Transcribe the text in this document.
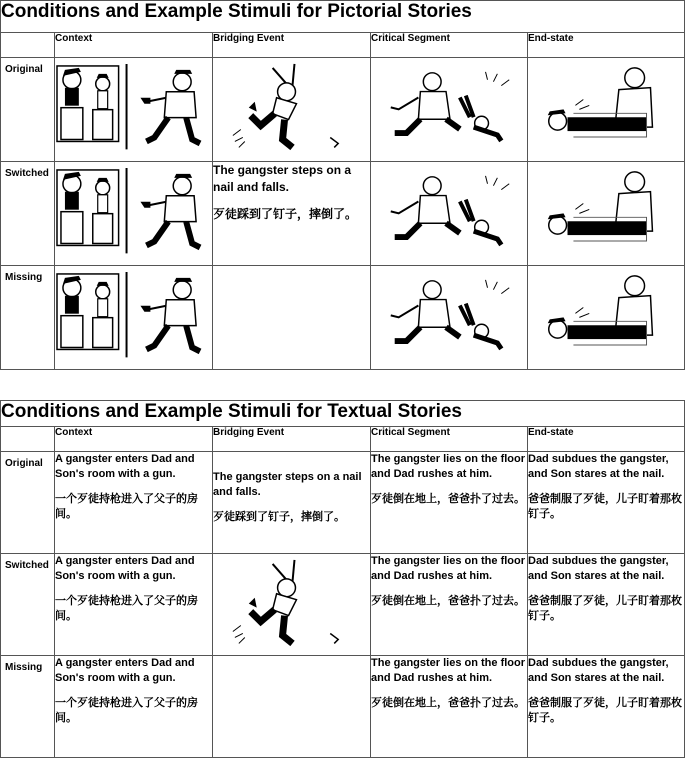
Conditions and Example Stimuli for Pictorial Stories				
	Context	Bridging Event	Critical Segment	End-state
Original	

Switched		The gangster steps on a nail and falls.
歹徒踩到了钉子，摔倒了。

Missing	

Conditions and Example Stimuli for Textual Stories				
	Context	Bridging Event	Critical Segment	End-state
Original	A gangster enters Dad and Son's room with a gun.
一个歹徒持枪进入了父子的房间。	The gangster steps on a nail and falls.
歹徒踩到了钉子，摔倒了。	The gangster lies on the floor and Dad rushes at him.
歹徒倒在地上，爸爸扑了过去。	Dad subdues the gangster, and Son stares at the nail.
爸爸制服了歹徒，儿子盯着那枚钉子。

Switched	A gangster enters Dad and Son's room with a gun.
一个歹徒持枪进入了父子的房间。		The gangster lies on the floor and Dad rushes at him.
歹徒倒在地上，爸爸扑了过去。	Dad subdues the gangster, and Son stares at the nail.
爸爸制服了歹徒，儿子盯着那枚钉子。

Missing	A gangster enters Dad and Son's room with a gun.
一个歹徒持枪进入了父子的房间。		The gangster lies on the floor and Dad rushes at him.
歹徒倒在地上，爸爸扑了过去。	Dad subdues the gangster, and Son stares at the nail.
爸爸制服了歹徒，儿子盯着那枚钉子。
